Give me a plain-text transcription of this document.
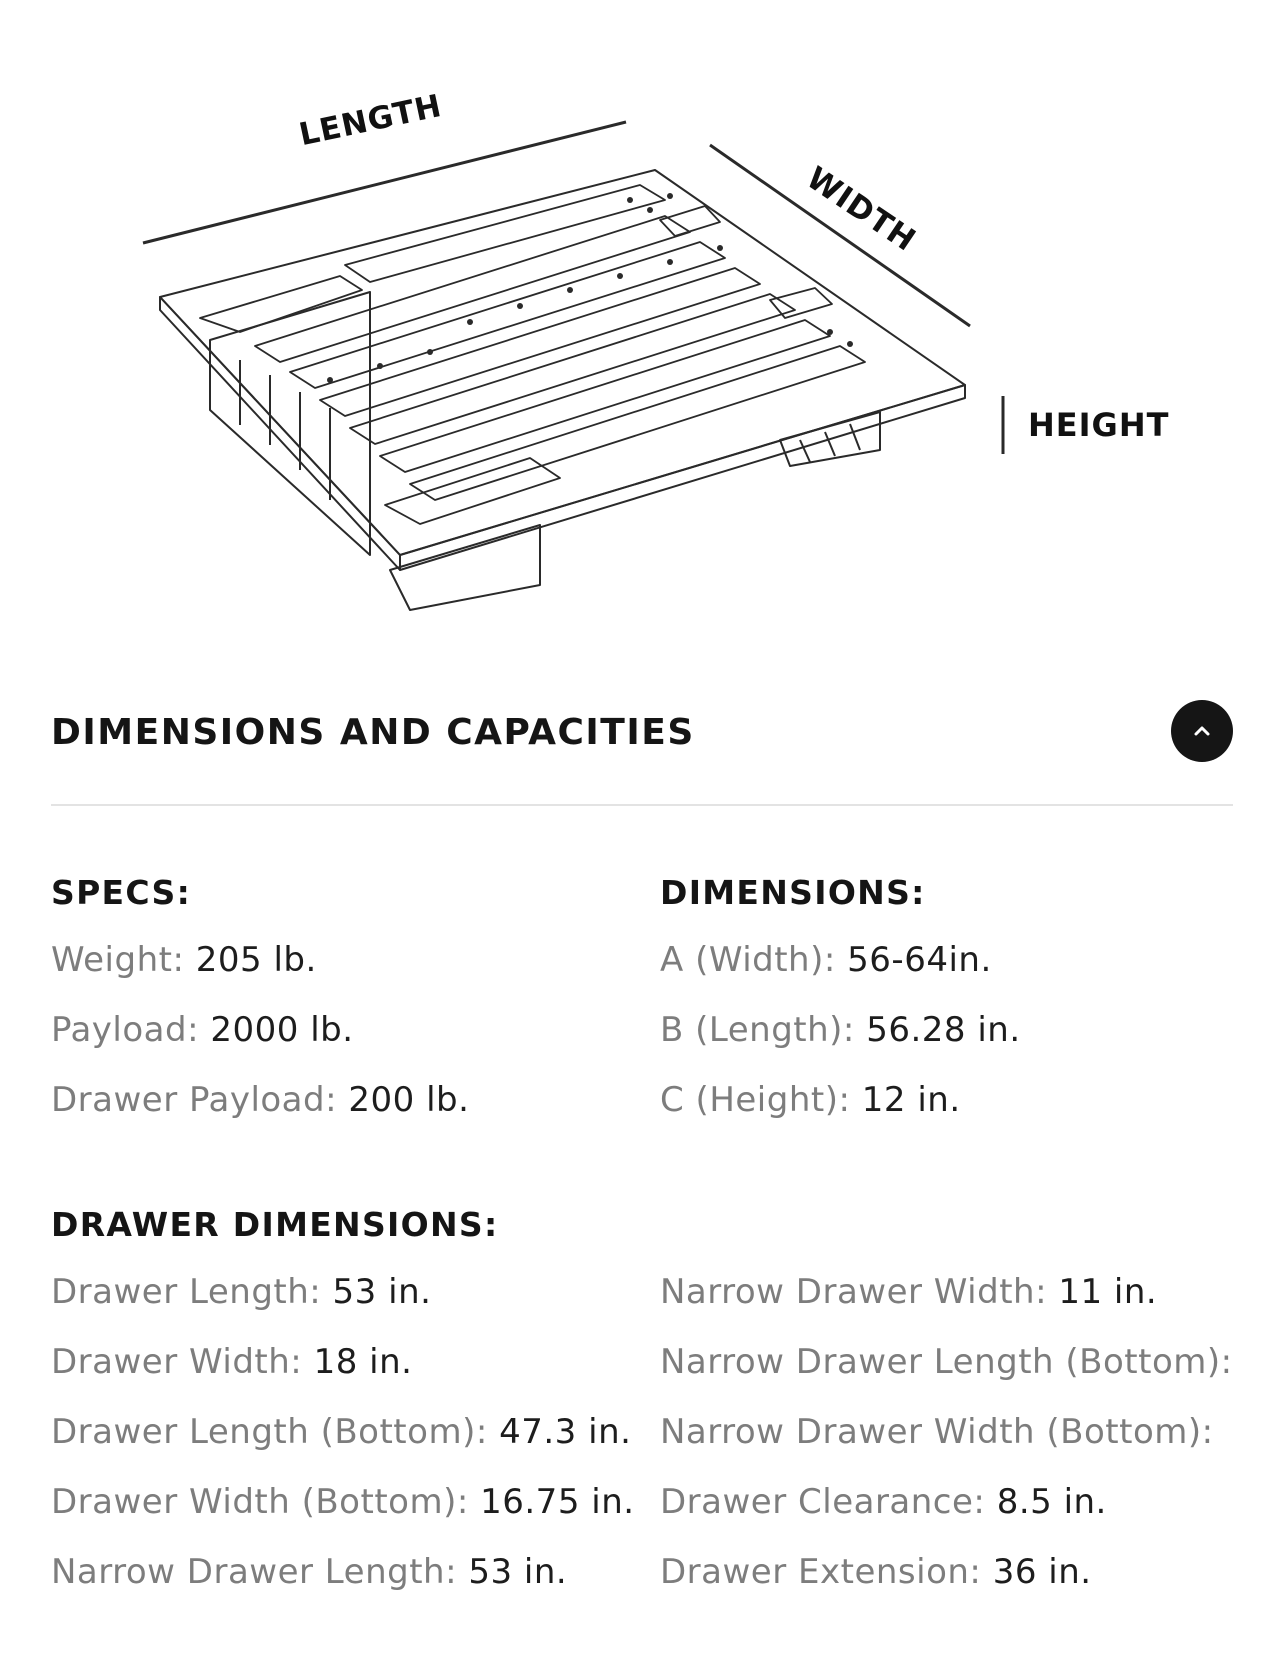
LENGTH
WIDTH
HEIGHT
DIMENSIONS AND CAPACITIES
SPECS:
Weight: 205 lb.
Payload: 2000 lb.
Drawer Payload: 200 lb.
DIMENSIONS:
A (Width): 56-64in.
B (Length): 56.28 in.
C (Height): 12 in.
DRAWER DIMENSIONS:
Drawer Length: 53 in.
Drawer Width: 18 in.
Drawer Length (Bottom): 47.3 in.
Drawer Width (Bottom): 16.75 in.
Narrow Drawer Length: 53 in.
Narrow Drawer Width: 11 in.
Narrow Drawer Length (Bottom):
Narrow Drawer Width (Bottom):
Drawer Clearance: 8.5 in.
Drawer Extension: 36 in.
